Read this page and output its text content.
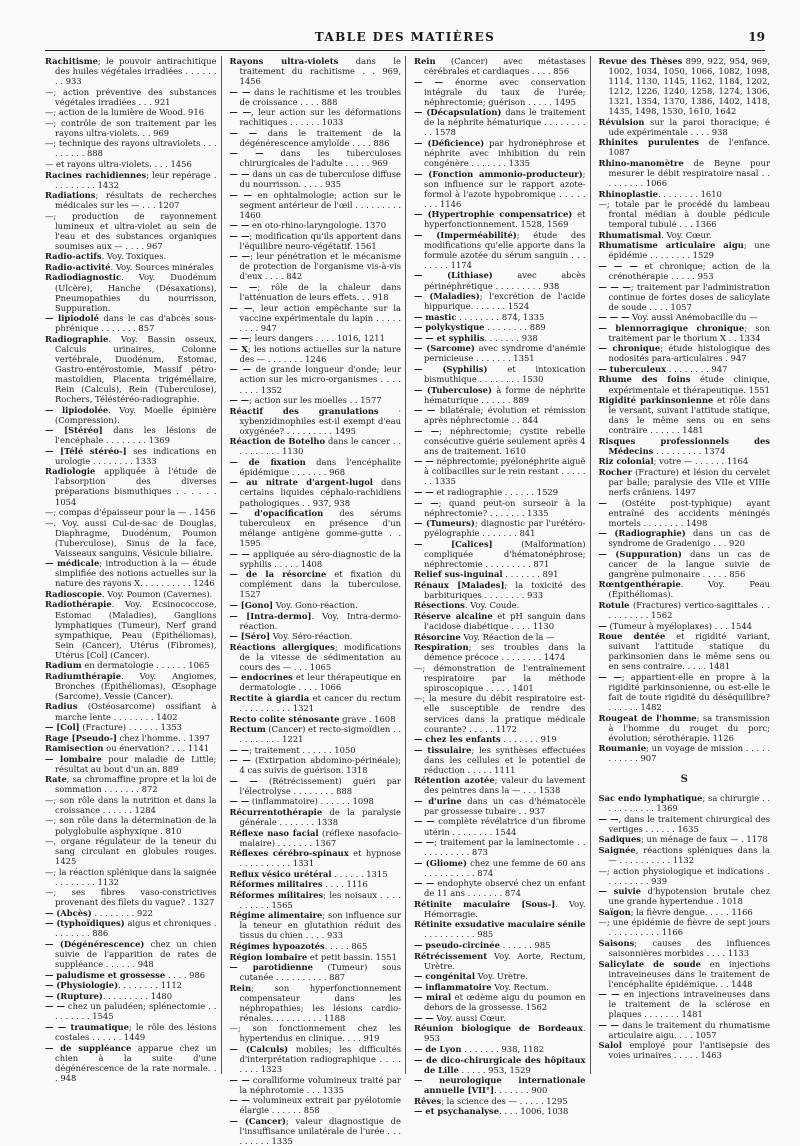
TABLE DES MATIÈRES	19
Rachitisme; le pouvoir antirachitique des huiles végétales irradiées . . . . . . . . 933
—; action préventive des substances végétales irradiées . . . 921
—; action de la lumière de Wood. 916
—; contrôle de son traitement par les rayons ultra-violets. . . 969
—; technique des rayons ultraviolets . . . . . . . . . 888
— et rayons ultra-violets. . . . 1456
Racines rachidiennes; leur repérage . . . . . . . . . 1432
Radiations; résultats de recherches médicales sur les — . . . 1207
—; production de rayonnement lumineux et ultra-violet au sein de l'eau et des substances organiques soumises aux — . . . . 967
Radio-actifs. Voy. Toxiques.
Radio-activité. Voy. Sources minérales
Radiodiagnostic. Voy. Duodénum (Ulcère), Hanche (Désaxations), Pneumopathies du nourrisson, Suppuration.
— lipiodolé dans le cas d'abcès sous-phrénique . . . . . . . 857
Radiographie. Voy. Bassin osseux, Calculs urinaires, Colonne vertébrale, Duodénum, Estomac, Gastro-entérostomie, Massif pétro-mastoïdien, Placenta trigéméllaire, Rein (Calculs), Rein (Tuberculose), Rochers, Téléstéréo-radiographie.
— lipiodolée. Voy. Moelle épinière (Compression).
— [Stéréo] dans les lésions de l'encéphale . . . . . . . . 1369
— [Télé stéréo-] ses indications en urologie . . . . . . . . 1333
Radiologie appliquée à l'étude de l'absorption des diverses préparations bismuthiques . . . . . . 1054
—; compas d'épaisseur pour la — . 1456
—. Voy. aussi Cul-de-sac de Douglas, Diaphragme, Duodénum, Poumon (Tuberculose), Sinus de la face, Vaisseaux sanguins, Vésicule biliaire.
— médicale; introduction à la — étude simplifiée des notions actuelles sur la nature des rayons X. . . . . . . . . . 1246
Radioscopie. Voy. Poumon (Cavernes).
Radiothérapie. Voy. Ecsinococcose, Estomac (Maladies), Ganglions lymphatiques (Tumeur), Nerf grand sympathique, Peau (Épithéliomas), Sein (Cancer), Utérus (Fibromes), Utérus [Col] (Cancer).
Radium en dermatologie . . . . . . 1065
Radiumthérapie. Voy. Angiomes, Bronches (Épithéliomas), Œsophage (Sarcome), Vessie (Cancer).
Radius (Ostéosarcome) ossifiant à marche lente . . . . . . . . 1402
— [Col] (Fracture) . . . . . . 1353
Rage [Pseudo-] chez l'homme. . 1397
Ramisection ou énervation? . . . 1141
— lombaire pour maladie de Little; résultat au bout d'un an. 889
Rate, sa chromaffine propre et la loi de sommation . . . . . . . 872
—; son rôle dans la nutrition et dans la croissance . . . . . . 1284
—; son rôle dans la détermination de la polyglobulie asphyxique . 810
—, organe régulateur de la teneur du sang circulant en globules rouges. 1425
—; la réaction splénique dans la saignée . . . . . . . . 1132
—; ses fibres vaso-constrictives provenant des filets du vague? . 1327
— (Abcès) . . . . . . . . 922
— (typhoïdiques) aigus et chroniques . . . . . . . . 886
— (Dégénérescence) chez un chien suivie de l'apparition de rates de suppléance . . . . . . 948
— paludisme et grossesse . . . . 986
— (Physiologie). . . . . . . . 1112
— (Rupture). . . . . . . . . 1480
— — chez un paludéen; splénectomie . . . . . . . . . 1545
— — traumatique; le rôle des lésions costales . . . . . . 1449
— de suppléance apparue chez un chien à la suite d'une dégénérescence de la rate normale. . . 948
Rayons ultra-violets dans le traitement du rachitisme . . 969, 1456
— — dans le rachitisme et les troubles de croissance . . . . 888
— —, leur action sur les déformations rachitiques . . . . . . 1033
— — dans le traitement de la dégénérescence amyloïde . . . . 886
— — dans les tuberculoses chirurgicales de l'adulte . . . . . 969
— — dans un cas de tuberculose diffuse du nourrisson. . . . . 935
— — en ophtalmologie; action sur le segment antérieur de l'œil . . . . . . . . . 1460
— — en oto-rhino-laryngologie. 1370
— —; modification qu'ils apportent dans l'équilibre neuro-végétatif. 1561
— —; leur pénétration et le mécanisme de protection de l'organisme vis-à-vis d'eux . . . . 842
— —; rôle de la chaleur dans l'atténuation de leurs effets. . . 918
— —, leur action empêchante sur la vaccine expérimentale du lapin . . . . . . . . . 947
— —; leurs dangers . . . . 1016, 1211
— X; les notions actuelles sur la nature des — . . . . . . . 1246
— — de grande longueur d'onde; leur action sur les micro-organismes . . . . . . . . 1352
— —; action sur les moelles . . 1577
Réactif des granulations · xybenzidinophiles est-il exempt d'eau oxygénée? . . . . . . . . . 1495
Réaction de Botelho dans le cancer . . . . . . . . . . 1130
— de fixation dans l'encéphalite épidémique . . . . . . . 968
— au nitrate d'argent-lugol dans certains liquides céphalo-rachidiens pathologiques . . 937, 938
— d'opacification des sérums tuberculeux en présence d'un mélange antigène gomme-gutte . . 1595
— — appliquée au séro-diagnostic de la syphilis . . . . . 1408
— de la résorcine et fixation du complément dans la tuberculose. 1527
— [Gono] Voy. Gono-réaction.
— [Intra-dermo]. Voy. Intra-dermo-réaction.
— [Séro] Voy. Séro-réaction.
Réactions allergiques; modifications de la vitesse de sédimentation au cours des — . . . 1065
— endocrines et leur thérapeutique en dermatologie . . . . 1066
Rectite à giardia et cancer du rectum . . . . . . . . . . 1321
Recto colite sténosante grave . 1608
Rectum (Cancer) et recto-sigmoïdien . . . . . . . . . . 1221
— —; traitement . . . . . . 1050
— — (Extirpation abdomino-périnéale); 4 cas suivis de guérison. 1318
— — (Rétrécissement) guéri par l'électrolyse . . . . . . . . 888
— — (inflammatoire) . . . . . . 1098
Récurrentothérapie de la paralysie générale . . . . . . . 1338
Réflexe naso facial (réflexe nasofacio-malaire) . . . . . . . 1367
Réflexes cérébro-spinaux et hypnose . . . . . . . . . . 1331
Reflux vésico urétéral . . . . . . 1315
Réformes militaires . . . . 1116
Réformes militaires; les noisaux . . . . . . . . . . 1565
Régime alimentaire; son influence sur la teneur en glutathion réduit des tissus du chien . . . . 933
Régimes hypoazotés. . . . . 865
Région lombaire et petit bassin. 1551
— parotidienne (Tumeur) sous cutanée . . . . . . . . . . 887
Rein; son hyperfonctionnement compensateur dans les néphropathies; les lésions cardio-rénales. . . . . . . . . . 1188
—; son fonctionnement chez les hypertendus en clinique. . . . 919
— (Calculs) mobiles; les difficultés d'interprétation radiographique . . . . . . . . 1323
— — coralliforme volumineux traité par la néphrotomie . . . 1335
— — volumineux extrait par pyélotomie élargie . . . . . . 858
— (Cancer); valeur diagnostique de l'insuffisance unilatérale de l'urée . . . . . . . . . 1335
Rein (Cancer) avec métastases cérébrales et cardiaques . . . . 856
— — énorme avec conservation intégrale du taux de l'urée; néphrectomie; guérison . . . . . 1495
— (Décapsulation) dans le traitement de la néphrite hématurique . . . . . . . . . . 1578
— (Déficience) par hydronéphrose et néphrite avec inhibition du rein congénère . . . . . . . 1335
— (Fonction ammonio-producteur); son influence sur le rapport azote-formol à l'azote hypobromique . . . . . . . . 1146
— (Hypertrophie compensatrice) et hyperfonctionnement. 1528, 1569
— (Imperméabilité); étude des modifications qu'elle apporte dans la formule azotée du sérum sanguin . . . . . . . . 1174
— (Lithiase) avec abcès périnéphrétique . . . . . . . . . 938
— (Maladies); l'excrétion de l'acide hippurique. . . . . . . 1524
— mastic . . . . . . . . 874, 1335
— polykystique . . . . . . . . 889
— — et syphilis. . . . . . . 938
— (Sarcome) avec syndrome d'anémie pernicieuse . . . . . . . 1351
— (Syphilis) et intoxication bismuthique . . . . . . . . 1530
— (Tuberculose) à forme de néphrite hématurique . . . . . . 889
— — bilatérale; évolution et rémission après néphrectomie . . 844
— —; néphrectomie; cystite rebelle consécutive guérie seulement après 4 ans de traitement. 1610
— — néphrectomie; pyélonéphrite aiguë à colibacilles sur le rein restant . . . . . . . 1335
— — et radiographie . . . . . . 1529
— —; quand peut-on surseoir à la néphrectomie? . . . . . . . 1335
— (Tumeurs); diagnostic par l'urétéro-pyélographie . . . . . . . 841
— [Calices] (Malformation) compliquée d'hématonéphrose; néphrectomie . . . . . . . . . 871
Relief sus-inguinal . . . . . . . 891
Rénaux [Malades]; la toxicité des barbituriques . . . . . . . . 933
Résections. Voy. Coude.
Réserve alcaline et pH sanguin dans l'acidose diabétique . . . . 1130
Résorcine Voy. Réaction de la —
Respiration; ses troubles dans la démence précoce . . . . . . . . 1474
—; démonstration de l'entraînement respiratoire par la méthode spiroscopique . . . . . 1401
—; la mesure du débit respiratoire est-elle susceptible de rendre des services dans la pratique médicale courante? . . . . . 1172
— chez les enfants . . . . . . . 919
— tissulaire; les synthèses effectuées dans les cellules et le potentiel de réduction . . . . . 1111
Rétention azotée; valeur du lavement des peintres dans la — . . . 1538
— d'urine dans un cas d'hématocèle par grossesse tubaire . . 937
— — complète révélatrice d'un fibrome utérin . . . . . . . . 1544
— —; traitement par la laminectomie . . . . . . . . . . . 873
— (Gliome) chez une femme de 60 ans . . . . . . . . . . 874
— — endophyte observé chez un enfant de 11 ans . . . . . . . 874
Rétinite maculaire [Sous-]. Voy. Hémorragie.
Rétinite exsudative maculaire sénile . . . . . . . . . . 985
— pseudo-circinée . . . . . . 985
Rétrécissement Voy. Aorte, Rectum, Urètre.
— congénital Voy. Urètre.
— inflammatoire Voy. Rectum.
— miral et œdème aigu du poumon en dehors de la grossesse. 1562
— — Voy. aussi Cœur.
Réunion biologique de Bordeaux. 953
— de Lyon . . . . . . . 938, 1182
— de dico-chirurgicale des hôpitaux de Lille . . . . . 953, 1529
— neurologique internationale annuelle [VII°]. . . . . . . 900
Rêves; la science des — . . . . . 1295
— et psychanalyse. . . . 1006, 1038
Revue des Thèses 899, 922, 954, 969, 1002, 1034, 1050, 1066, 1082, 1098, 1114, 1130, 1145, 1162, 1184, 1202, 1212, 1226, 1240, 1258, 1274, 1306, 1321, 1354, 1370, 1386, 1402, 1418, 1435, 1498, 1530, 1610, 1642
Révulsion sur la paroi thoracique; é ude expérimentale . . . . 938
Rhinites purulentes de l'enfance. 1087
Rhino-manomètre de Beyne pour mesurer le débit respiratoire nasal . . . . . . . . . 1066
Rhinoplastie. . . . . . . . 1610
—; totale par le procédé du lambeau frontal médian à double pédicule temporal tubulé . . . 1366
Rhumatismal. Voy. Cœur.
Rhumatisme articulaire aigu; une épidémie . . . . . . . . 1529
— — — et chronique; action de la crénothérapie . . . . . 953
— — —; traitement par l'administration continue de fortes doses de salicylate de soude . . . . 1057
— — — Voy. aussi Anémobacille du —
— blennorragique chronique; son traitement par le thorium X . . 1334
— chronique; étude histologique des nodosités para-articulaires . 947
— tuberculeux . . . . . . . . 947
Rhume des foins étude clinique, expérimentale et thérapeutique. 1551
Rigidité parkinsonienne et rôle dans le versant, suivant l'attitude statique, dans le même sens ou en sens contraire . . . . . . 1481
Risques professionnels des Médecins . . . . . . . . . 1374
Riz colonial; votre — . . . . . . 1164
Rocher (Fracture) et lésion du cervelet par balle; paralysie des VIIe et VIIIe nerfs crâniens. 1497
— (Ostéite post-typhique) ayant entraîné des accidents méningés mortels . . . . . . . . 1498
— (Radiographie) dans un cas de syndrome de Gradenigo . . . 920
— (Suppuration) dans un cas de cancer de la langue suivie de gangrène pulmonaire . . . . . 856
Rœntgenthérapie. Voy. Peau (Épithéliomas).
Rotule (Fractures) vertico-sagittales . . . . . . . . . . 1562
— (Tumeur à myéloplaxes) . . . 1544
Roue dentée et rigidité variant, suivant l'attitude statique du parkinsonien dans le même sens ou en sens contraire. . . . . 1481
— —; appartient-elle en propre à la rigidité parkinsonienne, ou est-elle le fait de toute rigidité du déséquilibre? . . . . . . 1482
Rougeat de l'homme; sa transmission à l'homme du rouget du porc; évolution; sérothérapie. 1126
Roumanie; un voyage de mission . . . . . . . . . . . 907
S
Sac endo lymphatique; sa chirurgie . . . . . . . . . . . 1369
— —, dans le traitement chirurgical des vertiges . . . . . . 1635
Sadiques; un ménage de faux — . 1178
Saignée, réactions spléniques dans la — . . . . . . . . . . 1132
—; action physiologique et indications . . . . . . . . . 939
— suivie d'hypotension brutale chez une grande hypertendue . 1018
Saïgon; la fièvre dengue. . . . . 1166
—; une épidémie de fièvre de sept jours . . . . . . . . . . 1166
Saisons; causes des influences saisonnières morbides . . . . 1133
Salicylate de soude en injections intraveineuses dans le traitement de l'encéphalite épidémique. . . 1448
— — en injections intraveineuses dans le traitement de la sclérose en plaques . . . . . . . 1481
— — dans le traitement du rhumatisme articulaire aigu. . . . 1057
Salol employé pour l'antisepsie des voies urinaires . . . . . 1463
